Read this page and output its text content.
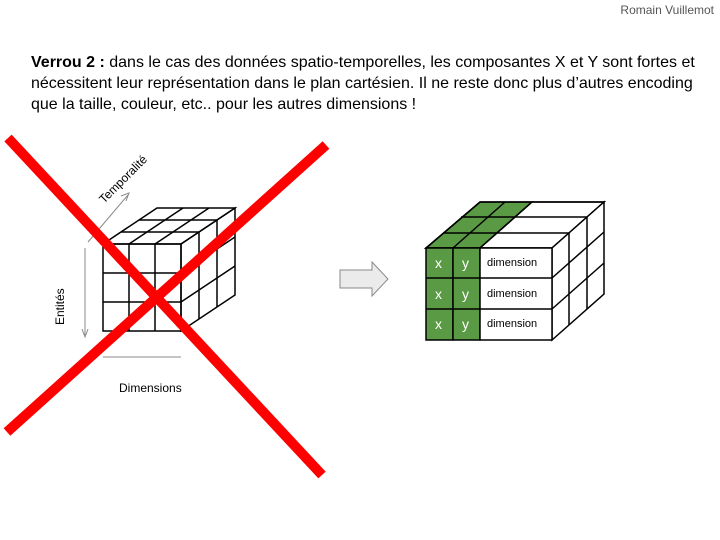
Romain Vuillemot
Verrou 2 : dans le cas des données spatio-temporelles, les composantes X et Y sont fortes et nécessitent leur représentation dans le plan cartésien. Il ne reste donc plus d’autres encoding que la taille, couleur, etc.. pour les autres dimensions !
Temporalité
Entités
Dimensions
x y dimension
x y dimension
x y dimension
